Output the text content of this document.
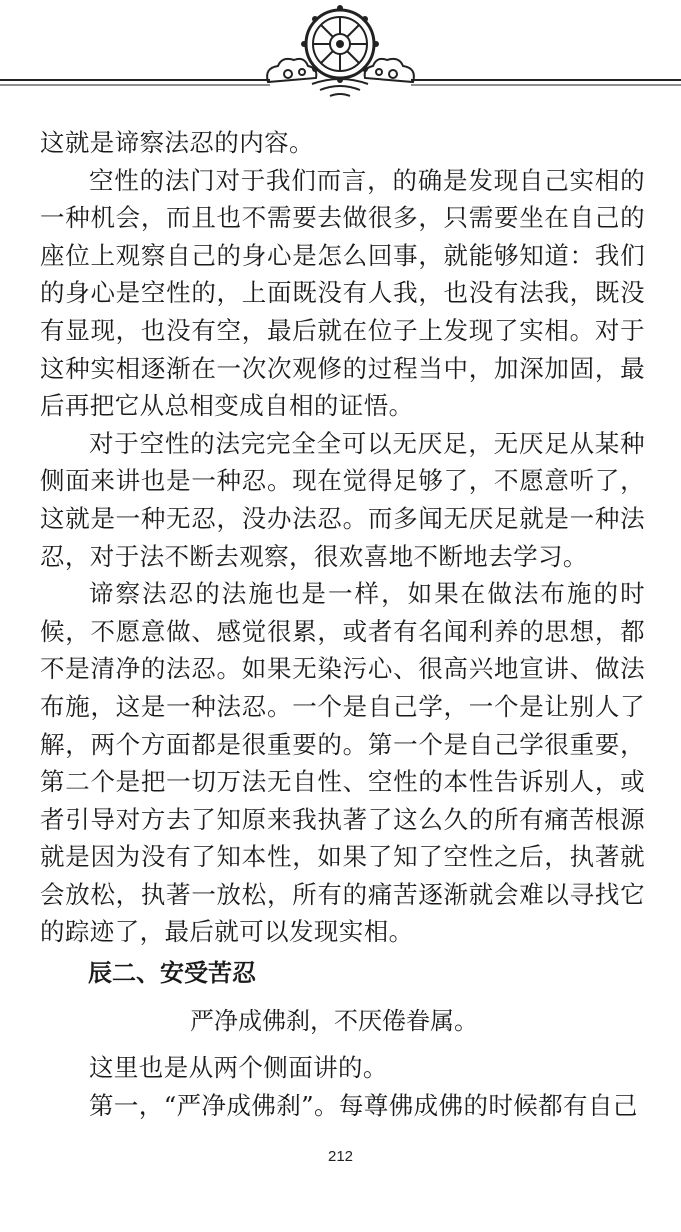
这就是谛察法忍的内容。

空性的法门对于我们而言，的确是发现自己实相的一种机会，而且也不需要去做很多，只需要坐在自己的座位上观察自己的身心是怎么回事，就能够知道：我们的身心是空性的，上面既没有人我，也没有法我，既没有显现，也没有空，最后就在位子上发现了实相。对于这种实相逐渐在一次次观修的过程当中，加深加固，最后再把它从总相变成自相的证悟。

对于空性的法完完全全可以无厌足，无厌足从某种侧面来讲也是一种忍。现在觉得足够了，不愿意听了，这就是一种无忍，没办法忍。而多闻无厌足就是一种法忍，对于法不断去观察，很欢喜地不断地去学习。

谛察法忍的法施也是一样，如果在做法布施的时候，不愿意做、感觉很累，或者有名闻利养的思想，都不是清净的法忍。如果无染污心、很高兴地宣讲、做法布施，这是一种法忍。一个是自己学，一个是让别人了解，两个方面都是很重要的。第一个是自己学很重要，第二个是把一切万法无自性、空性的本性告诉别人，或者引导对方去了知原来我执著了这么久的所有痛苦根源就是因为没有了知本性，如果了知了空性之后，执著就会放松，执著一放松，所有的痛苦逐渐就会难以寻找它的踪迹了，最后就可以发现实相。

辰二、安受苦忍

严净成佛刹，不厌倦眷属。

这里也是从两个侧面讲的。

第一，“严净成佛刹”。每尊佛成佛的时候都有自己

212
